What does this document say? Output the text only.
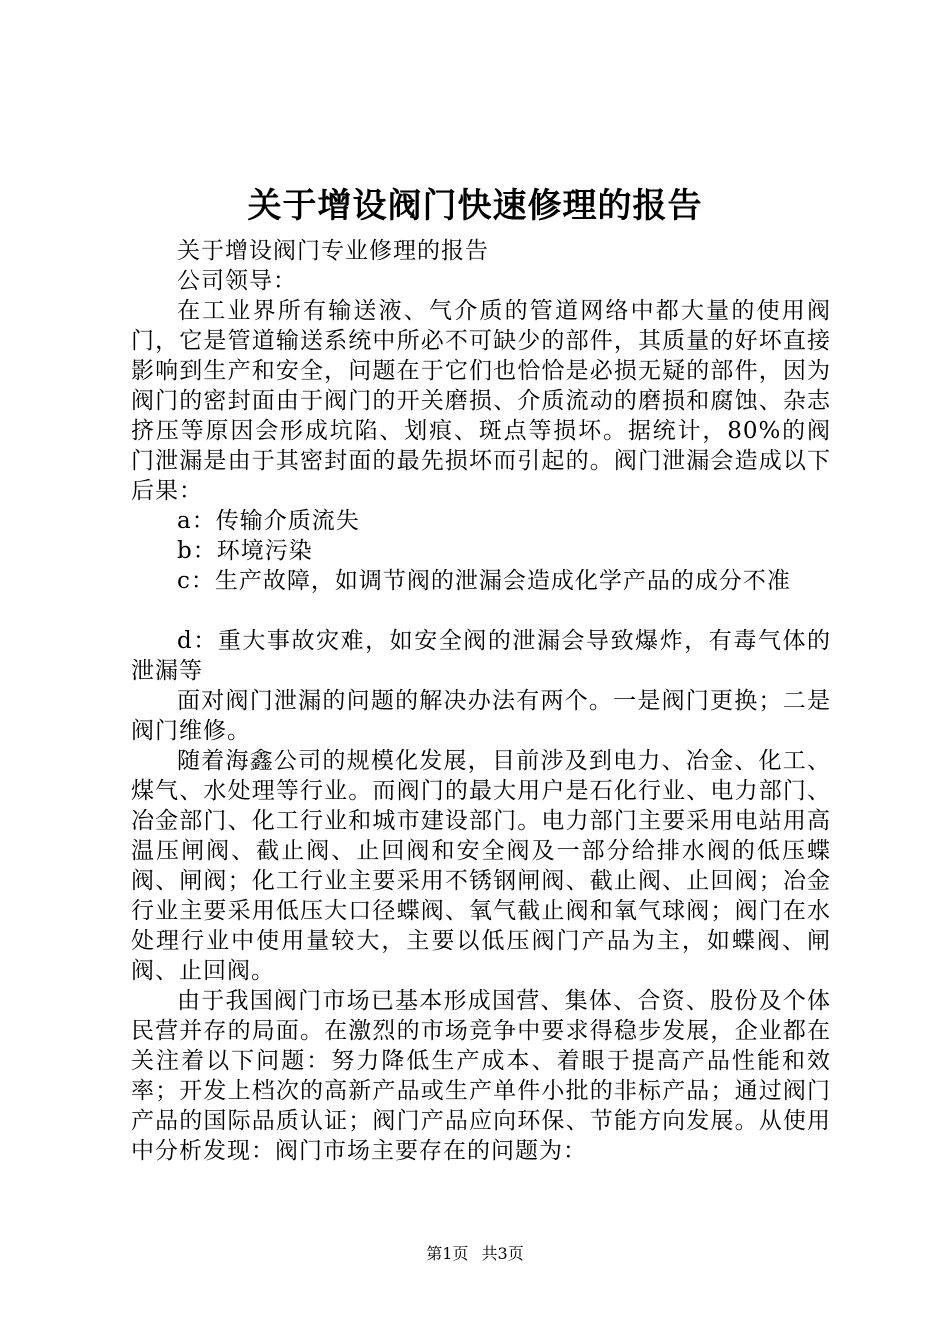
关于增设阀门快速修理的报告

关于增设阀门专业修理的报告

公司领导：

在工业界所有输送液、气介质的管道网络中都大量的使用阀门，它是管道输送系统中所必不可缺少的部件，其质量的好坏直接影响到生产和安全，问题在于它们也恰恰是必损无疑的部件，因为阀门的密封面由于阀门的开关磨损、介质流动的磨损和腐蚀、杂志挤压等原因会形成坑陷、划痕、斑点等损坏。据统计，80%的阀门泄漏是由于其密封面的最先损坏而引起的。阀门泄漏会造成以下后果：

a：传输介质流失

b：环境污染

c：生产故障，如调节阀的泄漏会造成化学产品的成分不准

d：重大事故灾难，如安全阀的泄漏会导致爆炸，有毒气体的泄漏等

面对阀门泄漏的问题的解决办法有两个。一是阀门更换；二是阀门维修。

随着海鑫公司的规模化发展，目前涉及到电力、冶金、化工、煤气、水处理等行业。而阀门的最大用户是石化行业、电力部门、冶金部门、化工行业和城市建设部门。电力部门主要采用电站用高温压闸阀、截止阀、止回阀和安全阀及一部分给排水阀的低压蝶阀、闸阀；化工行业主要采用不锈钢闸阀、截止阀、止回阀；冶金行业主要采用低压大口径蝶阀、氧气截止阀和氧气球阀；阀门在水处理行业中使用量较大，主要以低压阀门产品为主，如蝶阀、闸阀、止回阀。

由于我国阀门市场已基本形成国营、集体、合资、股份及个体民营并存的局面。在激烈的市场竞争中要求得稳步发展，企业都在关注着以下问题：努力降低生产成本、着眼于提高产品性能和效率；开发上档次的高新产品或生产单件小批的非标产品；通过阀门产品的国际品质认证；阀门产品应向环保、节能方向发展。从使用中分析发现：阀门市场主要存在的问题为：

第1页 共3页
